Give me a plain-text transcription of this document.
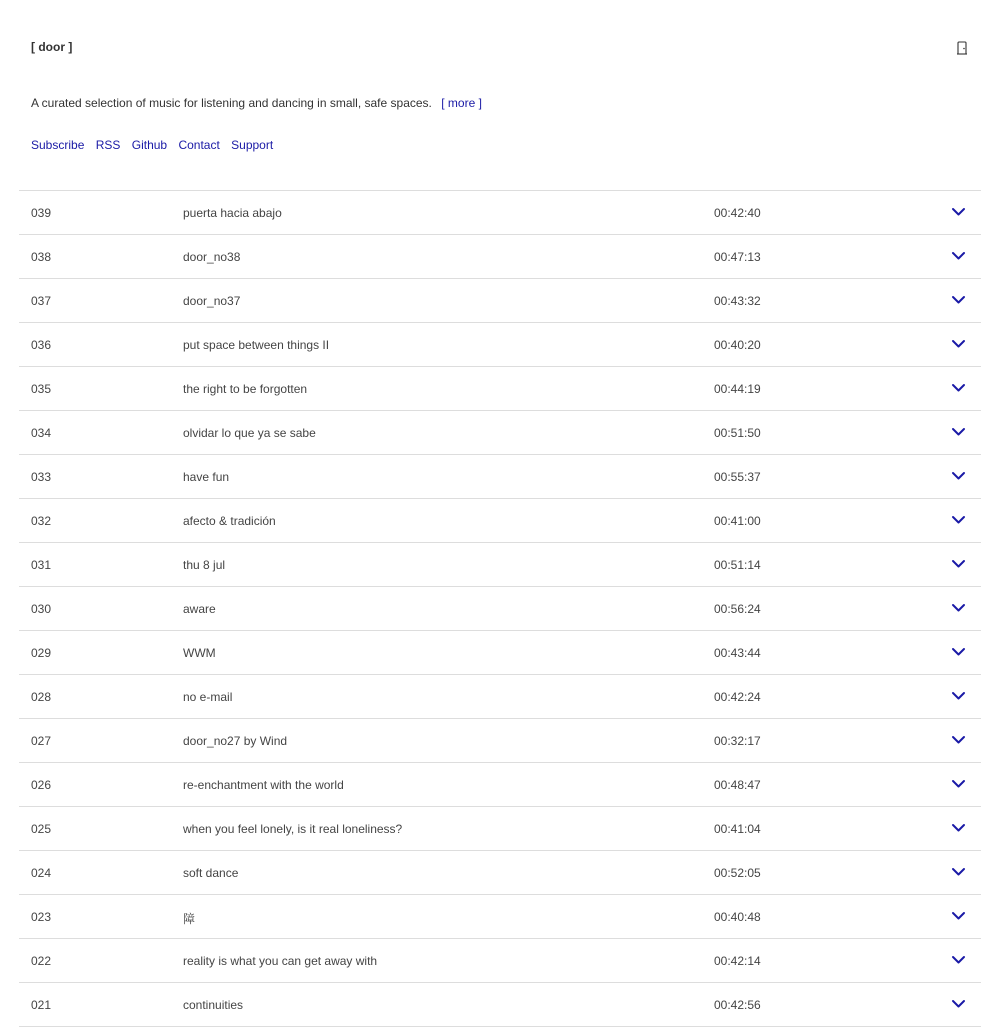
[ door ]
A curated selection of music for listening and dancing in small, safe spaces. [ more ]
Subscribe RSS Github Contact Support
039	puerta hacia abajo	00:42:40
038	door_no38	00:47:13
037	door_no37	00:43:32
036	put space between things II	00:40:20
035	the right to be forgotten	00:44:19
034	olvidar lo que ya se sabe	00:51:50
033	have fun	00:55:37
032	afecto & tradición	00:41:00
031	thu 8 jul	00:51:14
030	aware	00:56:24
029	WWM	00:43:44
028	no e-mail	00:42:24
027	door_no27 by Wind	00:32:17
026	re-enchantment with the world	00:48:47
025	when you feel lonely, is it real loneliness?	00:41:04
024	soft dance	00:52:05
023	障	00:40:48
022	reality is what you can get away with	00:42:14
021	continuities	00:42:56
